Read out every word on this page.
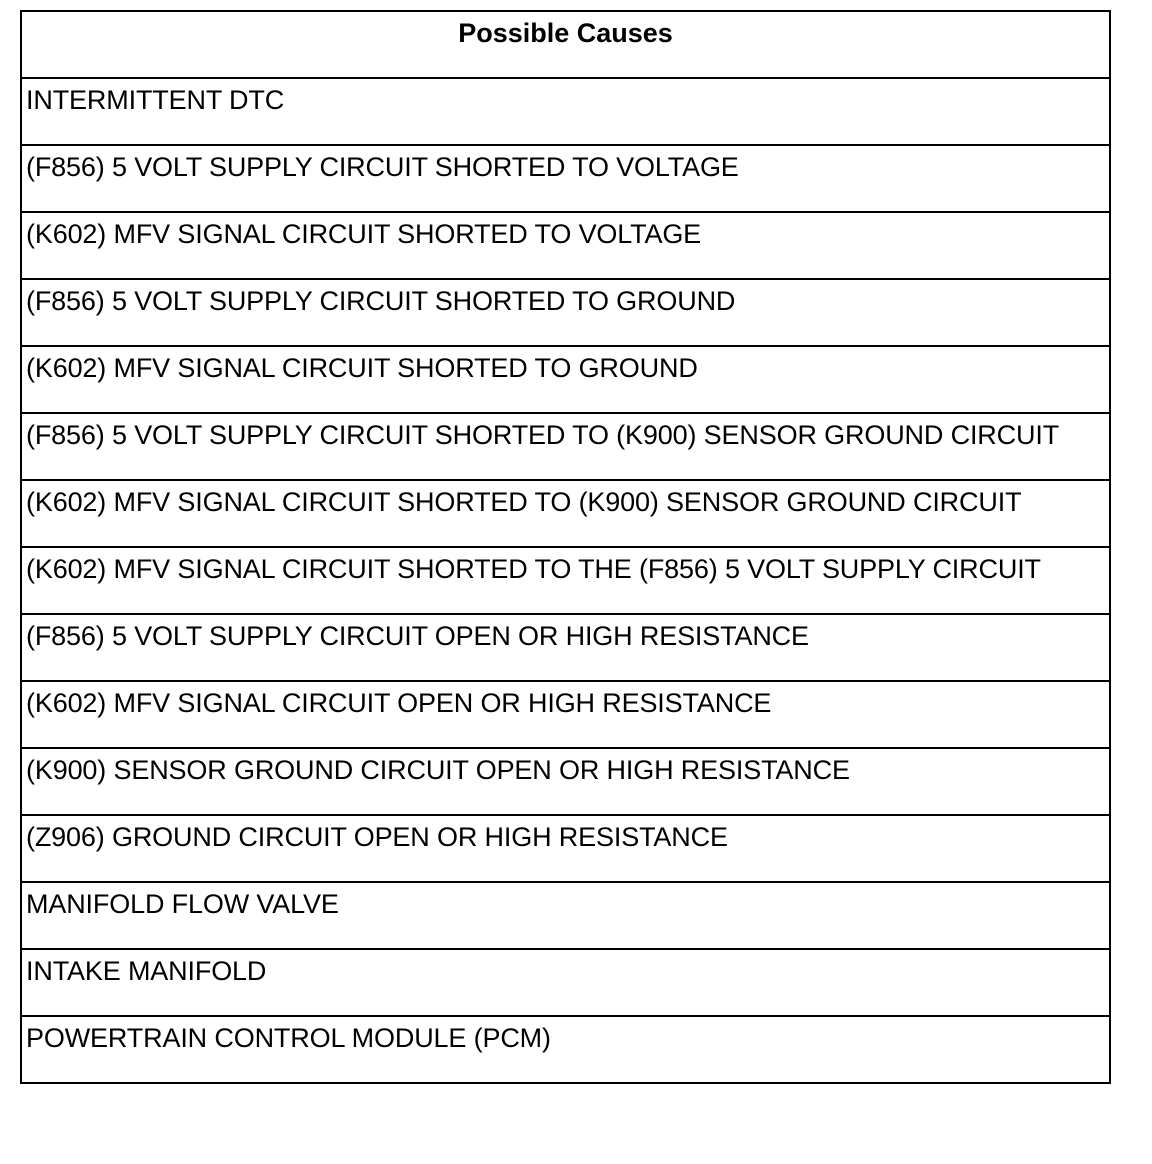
Possible Causes
INTERMITTENT DTC
(F856) 5 VOLT SUPPLY CIRCUIT SHORTED TO VOLTAGE
(K602) MFV SIGNAL CIRCUIT SHORTED TO VOLTAGE
(F856) 5 VOLT SUPPLY CIRCUIT SHORTED TO GROUND
(K602) MFV SIGNAL CIRCUIT SHORTED TO GROUND
(F856) 5 VOLT SUPPLY CIRCUIT SHORTED TO (K900) SENSOR GROUND CIRCUIT
(K602) MFV SIGNAL CIRCUIT SHORTED TO (K900) SENSOR GROUND CIRCUIT
(K602) MFV SIGNAL CIRCUIT SHORTED TO THE (F856) 5 VOLT SUPPLY CIRCUIT
(F856) 5 VOLT SUPPLY CIRCUIT OPEN OR HIGH RESISTANCE
(K602) MFV SIGNAL CIRCUIT OPEN OR HIGH RESISTANCE
(K900) SENSOR GROUND CIRCUIT OPEN OR HIGH RESISTANCE
(Z906) GROUND CIRCUIT OPEN OR HIGH RESISTANCE
MANIFOLD FLOW VALVE
INTAKE MANIFOLD
POWERTRAIN CONTROL MODULE (PCM)
